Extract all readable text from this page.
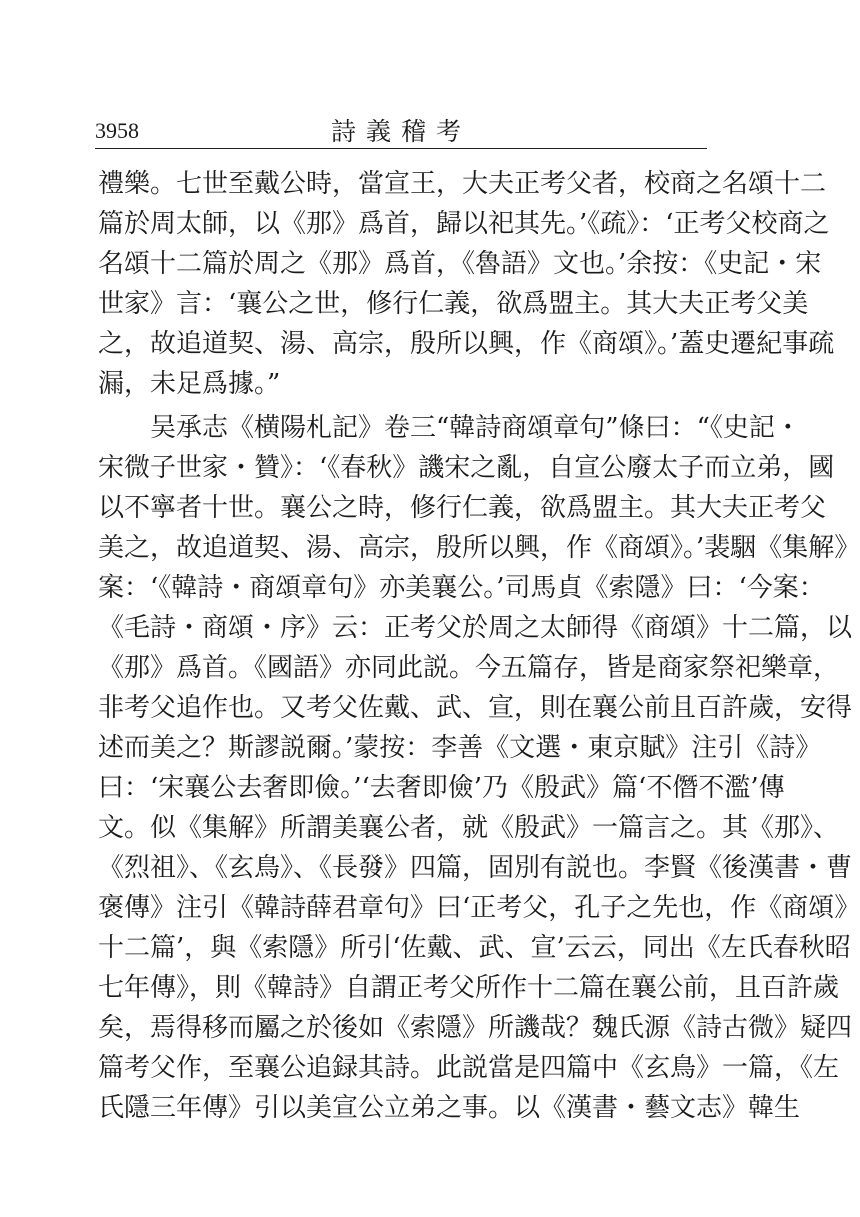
3958	詩義稽考
禮樂。七世至戴公時，當宣王，大夫正考父者，校商之名頌十二
篇於周太師，以《那》爲首，歸以祀其先。’《疏》：‘正考父校商之
名頌十二篇於周之《那》爲首，《魯語》文也。’余按：《史記・宋
世家》言：‘襄公之世，修行仁義，欲爲盟主。其大夫正考父美
之，故追道契、湯、高宗，殷所以興，作《商頌》。’蓋史遷紀事疏
漏，未足爲據。”
吴承志《横陽札記》卷三“韓詩商頌章句”條曰：“《史記・
宋微子世家・贊》：‘《春秋》譏宋之亂，自宣公廢太子而立弟，國
以不寧者十世。襄公之時，修行仁義，欲爲盟主。其大夫正考父
美之，故追道契、湯、高宗，殷所以興，作《商頌》。’裴駰《集解》
案：‘《韓詩・商頌章句》亦美襄公。’司馬貞《索隱》曰：‘今案：
《毛詩・商頌・序》云：正考父於周之太師得《商頌》十二篇，以
《那》爲首。《國語》亦同此説。今五篇存，皆是商家祭祀樂章，
非考父追作也。又考父佐戴、武、宣，則在襄公前且百許歲，安得
述而美之？斯謬説爾。’蒙按：李善《文選・東京賦》注引《詩》
曰：‘宋襄公去奢即儉。’‘去奢即儉’乃《殷武》篇‘不僭不濫’傳
文。似《集解》所謂美襄公者，就《殷武》一篇言之。其《那》、
《烈祖》、《玄鳥》、《長發》四篇，固別有説也。李賢《後漢書・曹
褒傳》注引《韓詩薛君章句》曰‘正考父，孔子之先也，作《商頌》
十二篇’，與《索隱》所引‘佐戴、武、宣’云云，同出《左氏春秋昭
七年傳》，則《韓詩》自謂正考父所作十二篇在襄公前，且百許歲
矣，焉得移而屬之於後如《索隱》所譏哉？魏氏源《詩古微》疑四
篇考父作，至襄公追録其詩。此説當是四篇中《玄鳥》一篇，《左
氏隱三年傳》引以美宣公立弟之事。以《漢書・藝文志》韓生
